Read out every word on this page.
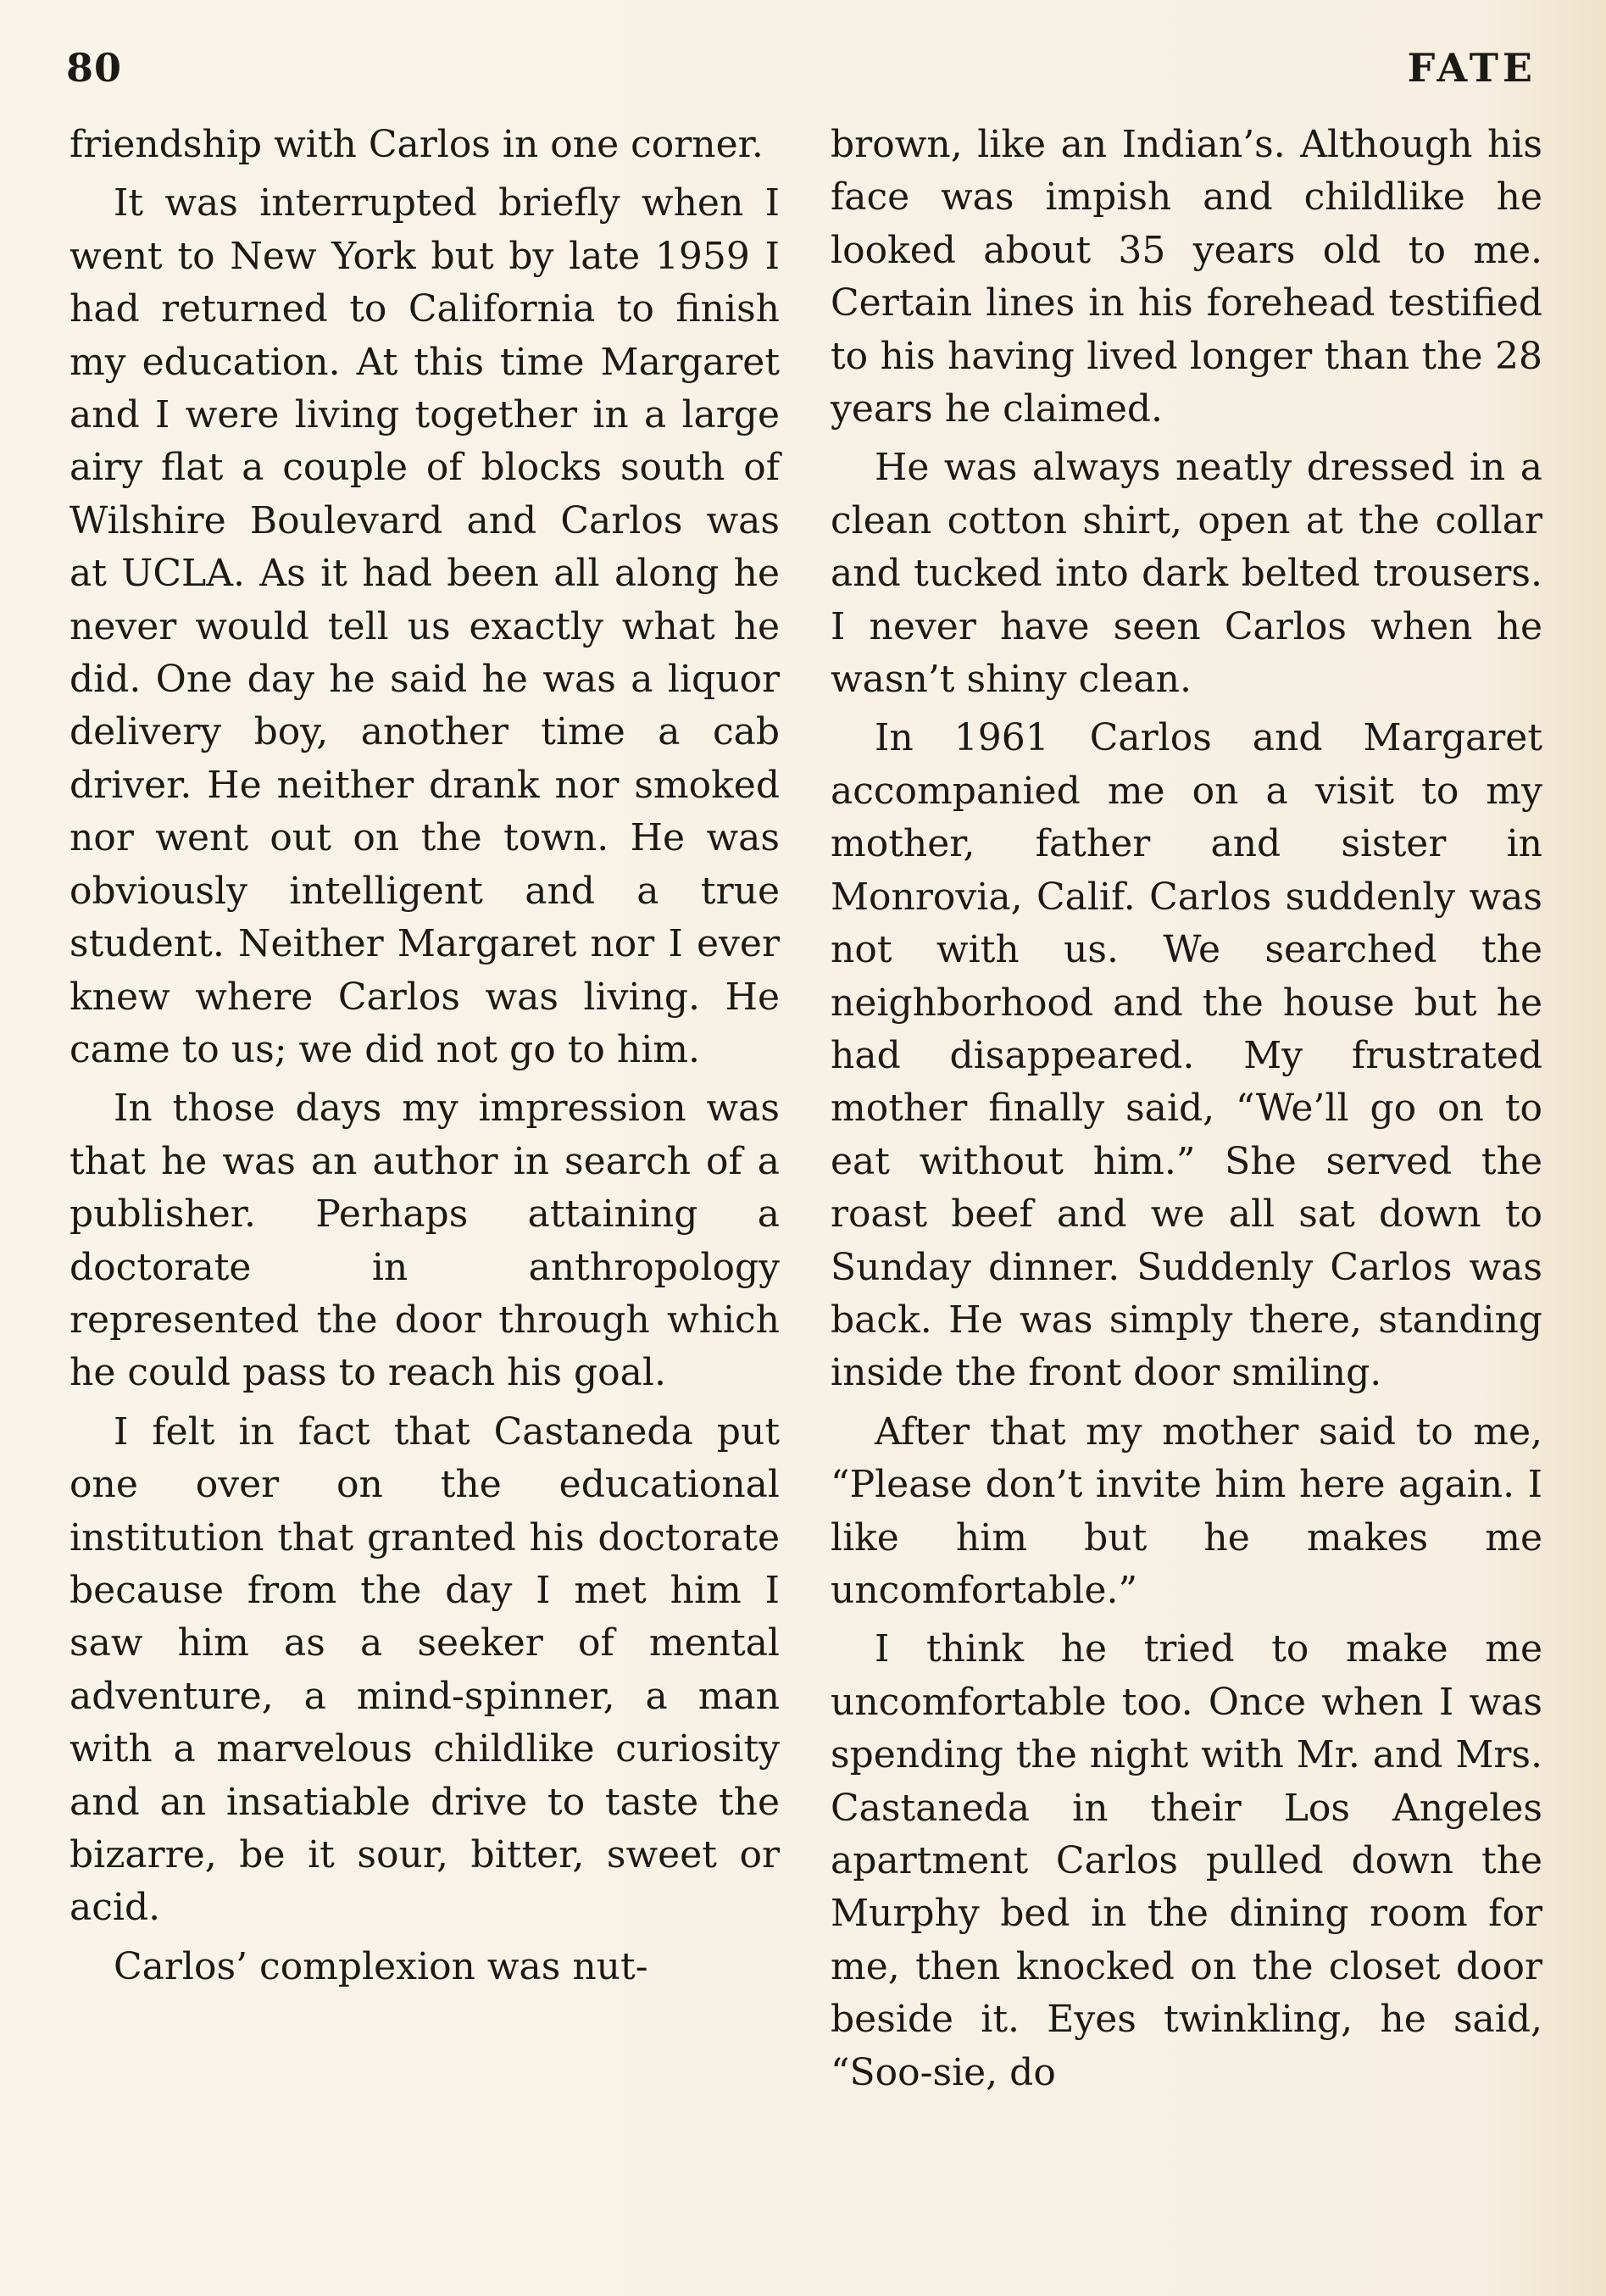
80	FATE

friendship with Carlos in one corner.

It was interrupted briefly when I went to New York but by late 1959 I had returned to California to finish my education. At this time Margaret and I were living together in a large airy flat a couple of blocks south of Wilshire Boulevard and Carlos was at UCLA. As it had been all along he never would tell us exactly what he did. One day he said he was a liquor delivery boy, another time a cab driver. He neither drank nor smoked nor went out on the town. He was obviously intelligent and a true student. Neither Margaret nor I ever knew where Carlos was living. He came to us; we did not go to him.

In those days my impression was that he was an author in search of a publisher. Perhaps attaining a doctorate in anthropology represented the door through which he could pass to reach his goal.

I felt in fact that Castaneda put one over on the educational institution that granted his doctorate because from the day I met him I saw him as a seeker of mental adventure, a mind-spinner, a man with a marvelous childlike curiosity and an insatiable drive to taste the bizarre, be it sour, bitter, sweet or acid.

Carlos’ complexion was nut-

brown, like an Indian’s. Although his face was impish and childlike he looked about 35 years old to me. Certain lines in his forehead testified to his having lived longer than the 28 years he claimed.

He was always neatly dressed in a clean cotton shirt, open at the collar and tucked into dark belted trousers. I never have seen Carlos when he wasn’t shiny clean.

In 1961 Carlos and Margaret accompanied me on a visit to my mother, father and sister in Monrovia, Calif. Carlos suddenly was not with us. We searched the neighborhood and the house but he had disappeared. My frustrated mother finally said, “We’ll go on to eat without him.” She served the roast beef and we all sat down to Sunday dinner. Suddenly Carlos was back. He was simply there, standing inside the front door smiling.

After that my mother said to me, “Please don’t invite him here again. I like him but he makes me uncomfortable.”

I think he tried to make me uncomfortable too. Once when I was spending the night with Mr. and Mrs. Castaneda in their Los Angeles apartment Carlos pulled down the Murphy bed in the dining room for me, then knocked on the closet door beside it. Eyes twinkling, he said, “Soo-sie, do
